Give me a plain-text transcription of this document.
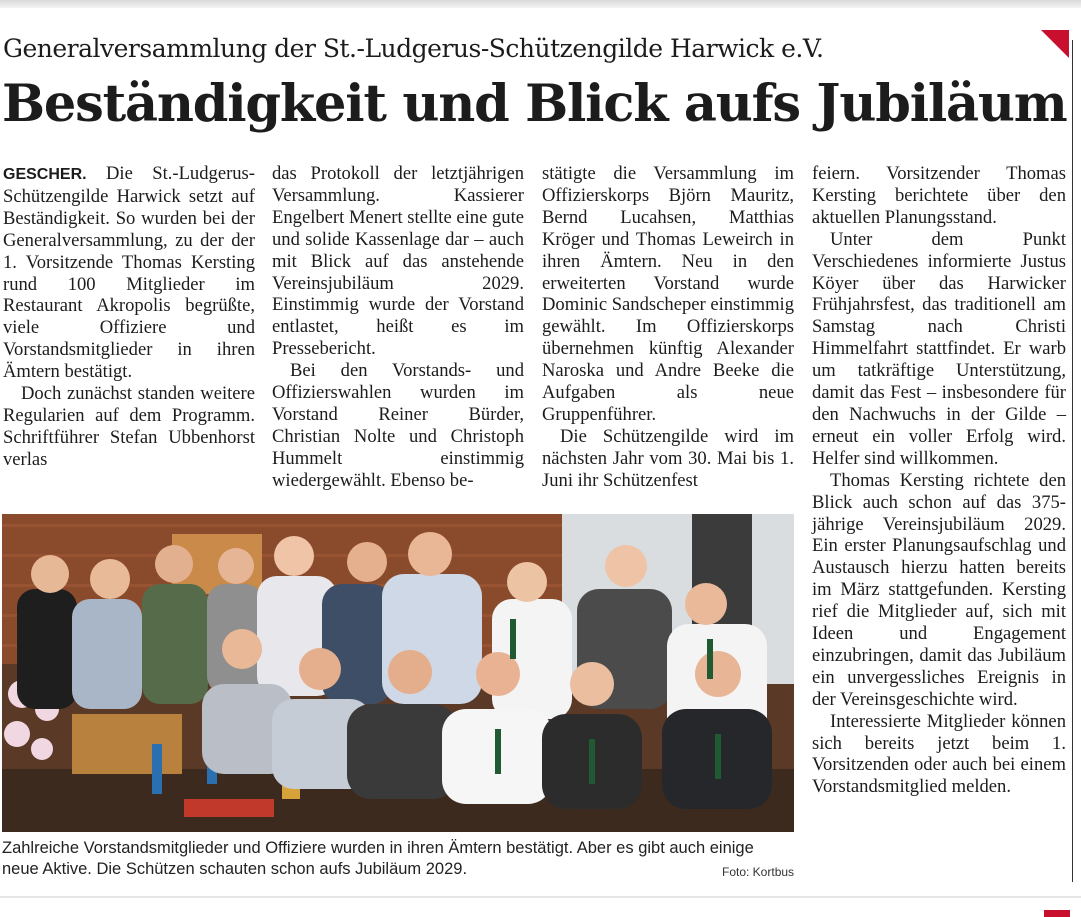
Generalversammlung der St.-Ludgerus-Schützengilde Harwick e.V.
Beständigkeit und Blick aufs Jubiläum

GESCHER. Die St.-Ludgerus-Schützengilde Harwick setzt auf Beständigkeit. So wurden bei der Generalversammlung, zu der der 1. Vorsitzende Thomas Kersting rund 100 Mitglieder im Restaurant Akropolis begrüßte, viele Offiziere und Vorstandsmitglieder in ihren Ämtern bestätigt.

Doch zunächst standen weitere Regularien auf dem Programm. Schriftführer Stefan Ubbenhorst verlas

das Protokoll der letztjährigen Versammlung. Kassierer Engelbert Menert stellte eine gute und solide Kassenlage dar – auch mit Blick auf das anstehende Vereinsjubiläum 2029. Einstimmig wurde der Vorstand entlastet, heißt es im Pressebericht.

Bei den Vorstands- und Offizierswahlen wurden im Vorstand Reiner Bürder, Christian Nolte und Christoph Hummelt einstimmig wiedergewählt. Ebenso be-

stätigte die Versammlung im Offizierskorps Björn Mauritz, Bernd Lucahsen, Matthias Kröger und Thomas Leweirch in ihren Ämtern. Neu in den erweiterten Vorstand wurde Dominic Sandscheper einstimmig gewählt. Im Offizierskorps übernehmen künftig Alexander Naroska und Andre Beeke die Aufgaben als neue Gruppenführer.

Die Schützengilde wird im nächsten Jahr vom 30. Mai bis 1. Juni ihr Schützenfest

feiern. Vorsitzender Thomas Kersting berichtete über den aktuellen Planungsstand.

Unter dem Punkt Verschiedenes informierte Justus Köyer über das Harwicker Frühjahrsfest, das traditionell am Samstag nach Christi Himmelfahrt stattfindet. Er warb um tatkräftige Unterstützung, damit das Fest – insbesondere für den Nachwuchs in der Gilde – erneut ein voller Erfolg wird. Helfer sind willkommen.

Thomas Kersting richtete den Blick auch schon auf das 375-jährige Vereinsjubiläum 2029. Ein erster Planungsaufschlag und Austausch hierzu hatten bereits im März stattgefunden. Kersting rief die Mitglieder auf, sich mit Ideen und Engagement einzubringen, damit das Jubiläum ein unvergessliches Ereignis in der Vereinsgeschichte wird.

Interessierte Mitglieder können sich bereits jetzt beim 1. Vorsitzenden oder auch bei einem Vorstandsmitglied melden.

Zahlreiche Vorstandsmitglieder und Offiziere wurden in ihren Ämtern bestätigt. Aber es gibt auch einige neue Aktive. Die Schützen schauten schon aufs Jubiläum 2029.	Foto: Kortbus
